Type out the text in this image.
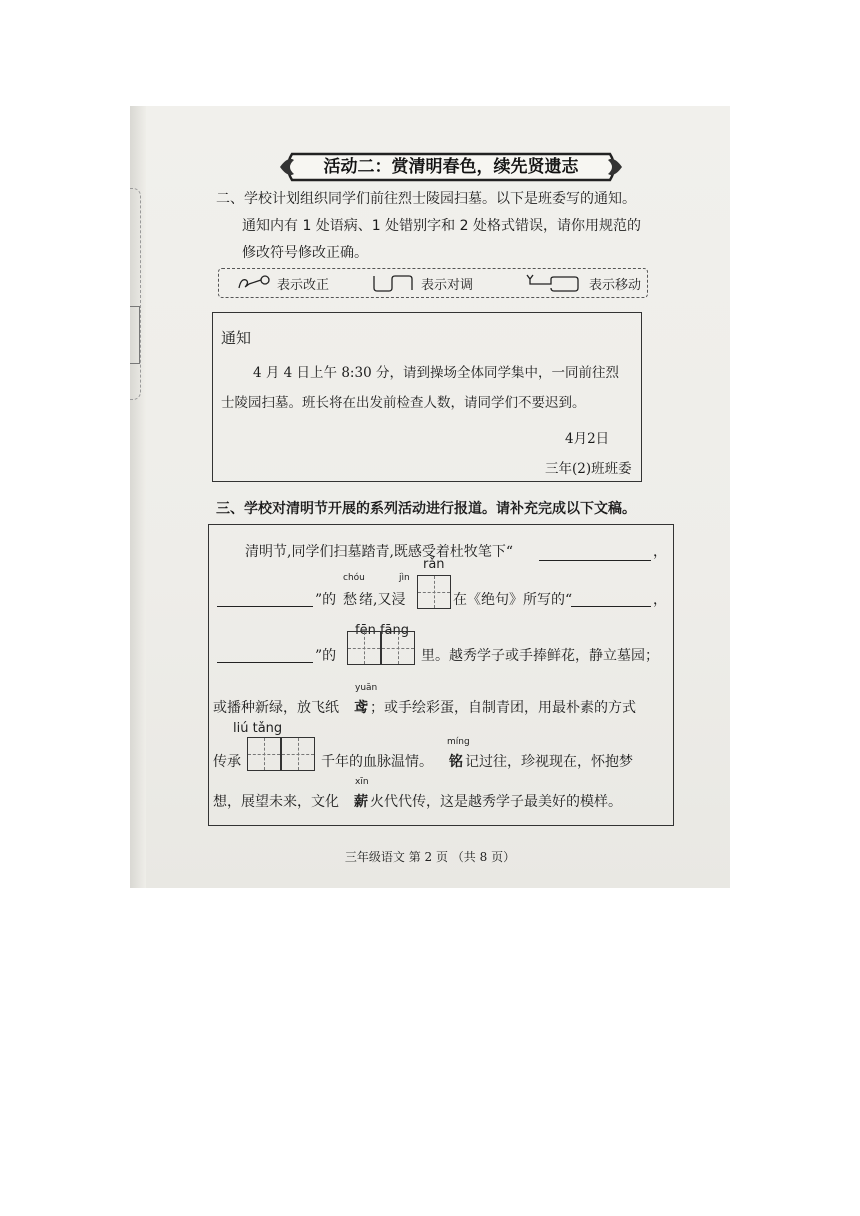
活动二：赏清明春色，续先贤遗志
二、学校计划组织同学们前往烈士陵园扫墓。以下是班委写的通知。
通知内有 1 处语病、1 处错别字和 2 处格式错误，请你用规范的
修改符号修改正确。
表示改正	表示对调	表示移动
通知
4 月 4 日上午 8:30 分，请到操场全体同学集中，一同前往烈
士陵园扫墓。班长将在出发前检查人数，请同学们不要迟到。
4月2日
三年(2)班班委
三、学校对清明节开展的系列活动进行报道。请补充完成以下文稿。
清明节,同学们扫墓踏青,既感受着杜牧笔下“	，
”的
chóu
愁
jìn
绪,又浸
rǎn
在《绝句》所写的“	，
fēn fāng
”的	里。越秀学子或手捧鲜花，静立墓园；
或播种新绿，放飞纸
yuān
鸢 ；或手绘彩蛋，自制青团，用最朴素的方式
liú tǎng
传承	千年的血脉温情。
míng
铭 记过往，珍视现在，怀抱梦
xīn
想，展望未来，文化 薪 火代代传，这是越秀学子最美好的模样。
三年级语文 第 2 页 （共 8 页）
